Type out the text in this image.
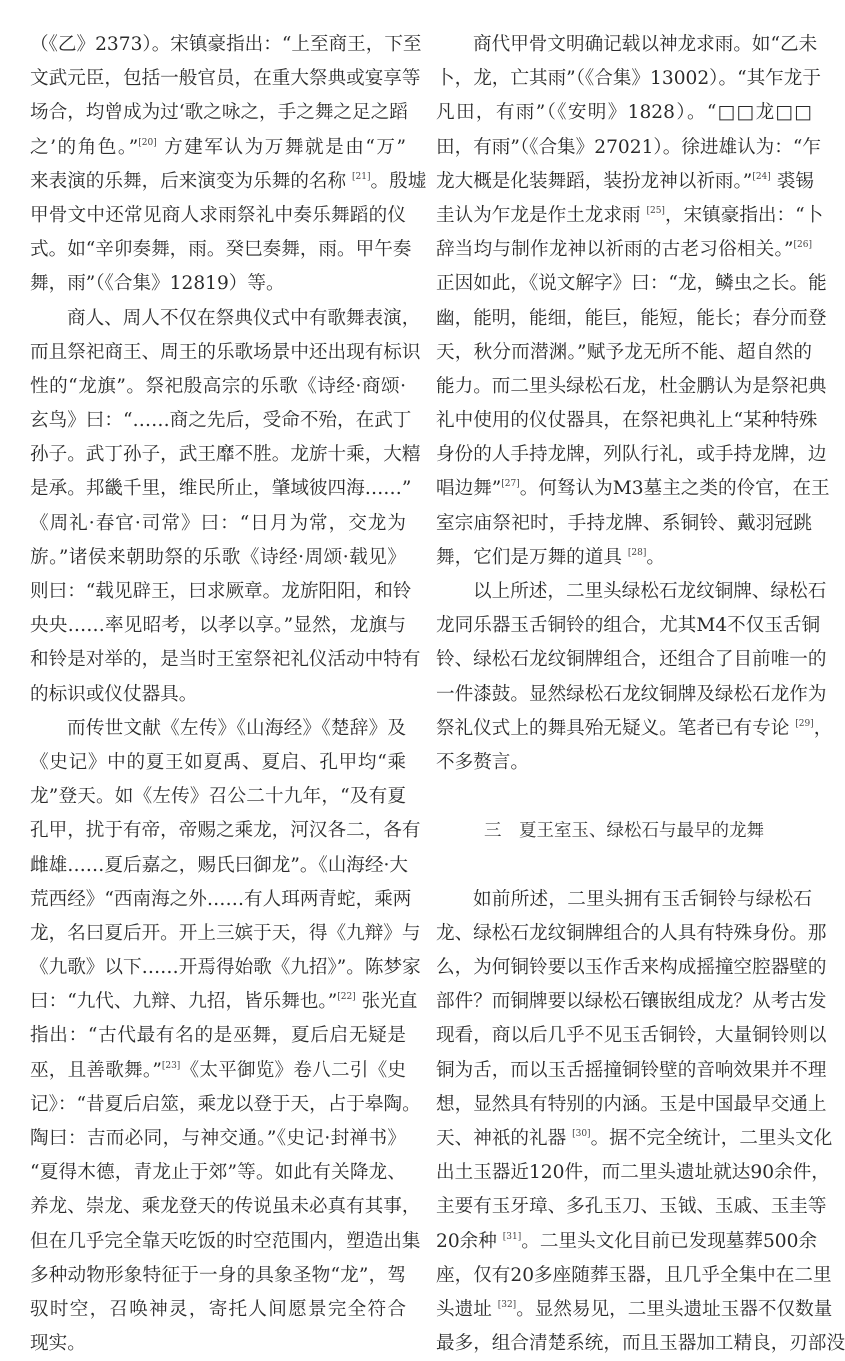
（《乙》2373）。宋镇豪指出：“上至商王，下至
文武元臣，包括一般官员，在重大祭典或宴享等
场合，均曾成为过‘歌之咏之，手之舞之足之蹈
之’的角色。”[20] 方建军认为万舞就是由“万”
来表演的乐舞，后来演变为乐舞的名称 [21]。殷墟
甲骨文中还常见商人求雨祭礼中奏乐舞蹈的仪
式。如“辛卯奏舞，雨。癸巳奏舞，雨。甲午奏
舞，雨”（《合集》12819）等。
商人、周人不仅在祭典仪式中有歌舞表演，
而且祭祀商王、周王的乐歌场景中还出现有标识
性的“龙旗”。祭祀殷高宗的乐歌《诗经·商颂·
玄鸟》曰：“……商之先后，受命不殆，在武丁
孙子。武丁孙子，武王靡不胜。龙旂十乘，大糦
是承。邦畿千里，维民所止，肇域彼四海……”
《周礼·春官·司常》曰：“日月为常，交龙为
旂。”诸侯来朝助祭的乐歌《诗经·周颂·载见》
则曰：“载见辟王，曰求厥章。龙旂阳阳，和铃
央央……率见昭考，以孝以享。”显然，龙旗与
和铃是对举的，是当时王室祭祀礼仪活动中特有
的标识或仪仗器具。
而传世文献《左传》《山海经》《楚辞》及
《史记》中的夏王如夏禹、夏启、孔甲均“乘
龙”登天。如《左传》召公二十九年，“及有夏
孔甲，扰于有帝，帝赐之乘龙，河汉各二，各有
雌雄……夏后嘉之，赐氏曰御龙”。《山海经·大
荒西经》“西南海之外……有人珥两青蛇，乘两
龙，名曰夏后开。开上三嫔于天，得《九辩》与
《九歌》以下……开焉得始歌《九招》”。陈梦家
曰：“九代、九辩、九招，皆乐舞也。”[22] 张光直
指出：“古代最有名的是巫舞，夏后启无疑是
巫，且善歌舞。”[23]《太平御览》卷八二引《史
记》：“昔夏后启筮，乘龙以登于天，占于皋陶。
陶曰：吉而必同，与神交通。”《史记·封禅书》
“夏得木德，青龙止于郊”等。如此有关降龙、
养龙、崇龙、乘龙登天的传说虽未必真有其事，
但在几乎完全靠天吃饭的时空范围内，塑造出集
多种动物形象特征于一身的具象圣物“龙”，驾
驭时空，召唤神灵，寄托人间愿景完全符合
现实。
商代甲骨文明确记载以神龙求雨。如“乙未
卜，龙，亡其雨”（《合集》13002）。“其乍龙于
凡田，有雨”（《安明》1828）。“□□龙□□
田，有雨”（《合集》27021）。徐进雄认为：“乍
龙大概是化装舞蹈，装扮龙神以祈雨。”[24] 裘锡
圭认为乍龙是作土龙求雨 [25]，宋镇豪指出：“卜
辞当均与制作龙神以祈雨的古老习俗相关。”[26]
正因如此，《说文解字》曰：“龙，鳞虫之长。能
幽，能明，能细，能巨，能短，能长；春分而登
天，秋分而潜渊。”赋予龙无所不能、超自然的
能力。而二里头绿松石龙，杜金鹏认为是祭祀典
礼中使用的仪仗器具，在祭祀典礼上“某种特殊
身份的人手持龙牌，列队行礼，或手持龙牌，边
唱边舞”[27]。何驽认为M3墓主之类的伶官，在王
室宗庙祭祀时，手持龙牌、系铜铃、戴羽冠跳
舞，它们是万舞的道具 [28]。
以上所述，二里头绿松石龙纹铜牌、绿松石
龙同乐器玉舌铜铃的组合，尤其M4不仅玉舌铜
铃、绿松石龙纹铜牌组合，还组合了目前唯一的
一件漆鼓。显然绿松石龙纹铜牌及绿松石龙作为
祭礼仪式上的舞具殆无疑义。笔者已有专论 [29]，
不多赘言。
三　夏王室玉、绿松石与最早的龙舞
如前所述，二里头拥有玉舌铜铃与绿松石
龙、绿松石龙纹铜牌组合的人具有特殊身份。那
么，为何铜铃要以玉作舌来构成摇撞空腔器壁的
部件？而铜牌要以绿松石镶嵌组成龙？从考古发
现看，商以后几乎不见玉舌铜铃，大量铜铃则以
铜为舌，而以玉舌摇撞铜铃壁的音响效果并不理
想，显然具有特别的内涵。玉是中国最早交通上
天、神祇的礼器 [30]。据不完全统计，二里头文化
出土玉器近120件，而二里头遗址就达90余件，
主要有玉牙璋、多孔玉刀、玉钺、玉戚、玉圭等
20余种 [31]。二里头文化目前已发现墓葬500余
座，仅有20多座随葬玉器，且几乎全集中在二里
头遗址 [32]。显然易见，二里头遗址玉器不仅数量
最多，组合清楚系统，而且玉器加工精良，刃部没
